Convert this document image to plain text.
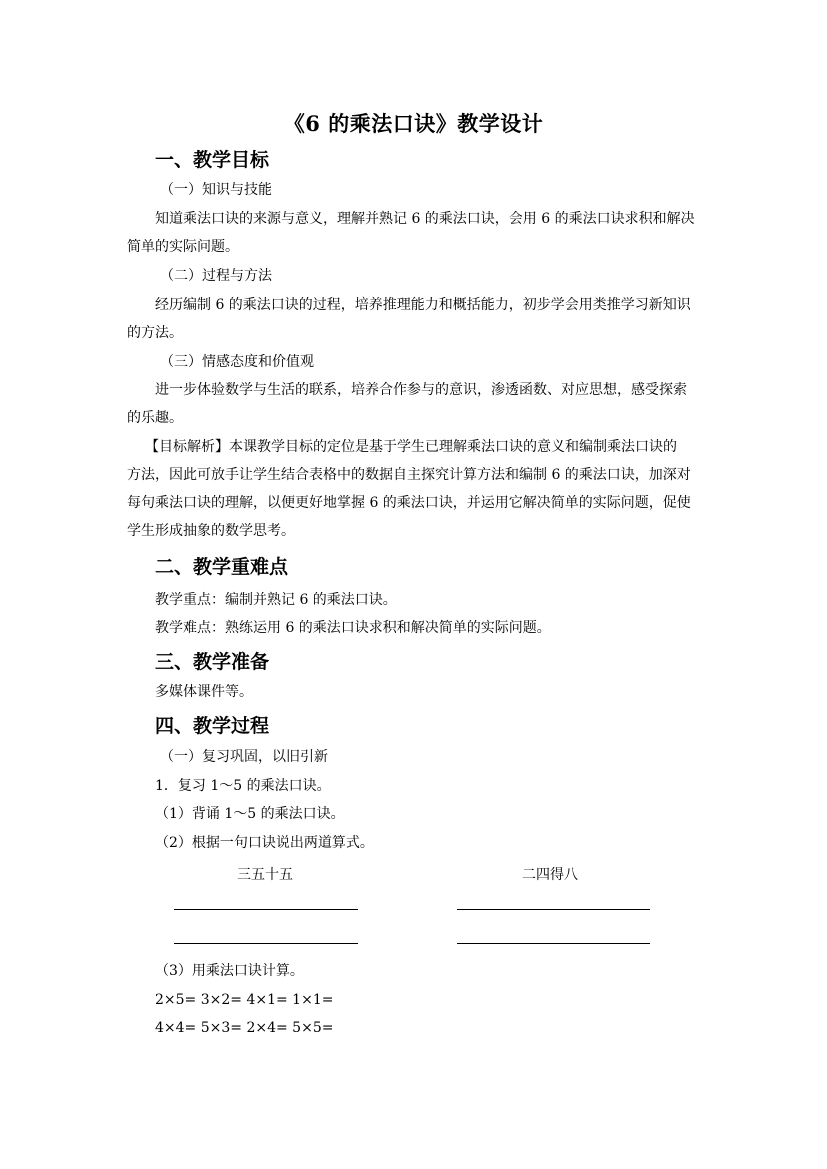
《6 的乘法口诀》教学设计
一、教学目标
（一）知识与技能
知道乘法口诀的来源与意义，理解并熟记 6 的乘法口诀，会用 6 的乘法口诀求积和解决
简单的实际问题。
（二）过程与方法
经历编制 6 的乘法口诀的过程，培养推理能力和概括能力，初步学会用类推学习新知识
的方法。
（三）情感态度和价值观
进一步体验数学与生活的联系，培养合作参与的意识，渗透函数、对应思想，感受探索
的乐趣。
【目标解析】本课教学目标的定位是基于学生已理解乘法口诀的意义和编制乘法口诀的
方法，因此可放手让学生结合表格中的数据自主探究计算方法和编制 6 的乘法口诀，加深对
每句乘法口诀的理解，以便更好地掌握 6 的乘法口诀，并运用它解决简单的实际问题，促使
学生形成抽象的数学思考。
二、教学重难点
教学重点：编制并熟记 6 的乘法口诀。
教学难点：熟练运用 6 的乘法口诀求积和解决简单的实际问题。
三、教学准备
多媒体课件等。
四、教学过程
（一）复习巩固，以旧引新
1．复习 1～5 的乘法口诀。
（1）背诵 1～5 的乘法口诀。
（2）根据一句口诀说出两道算式。
三五十五	二四得八
（3）用乘法口诀计算。
2×5= 3×2= 4×1= 1×1=
4×4= 5×3= 2×4= 5×5=
